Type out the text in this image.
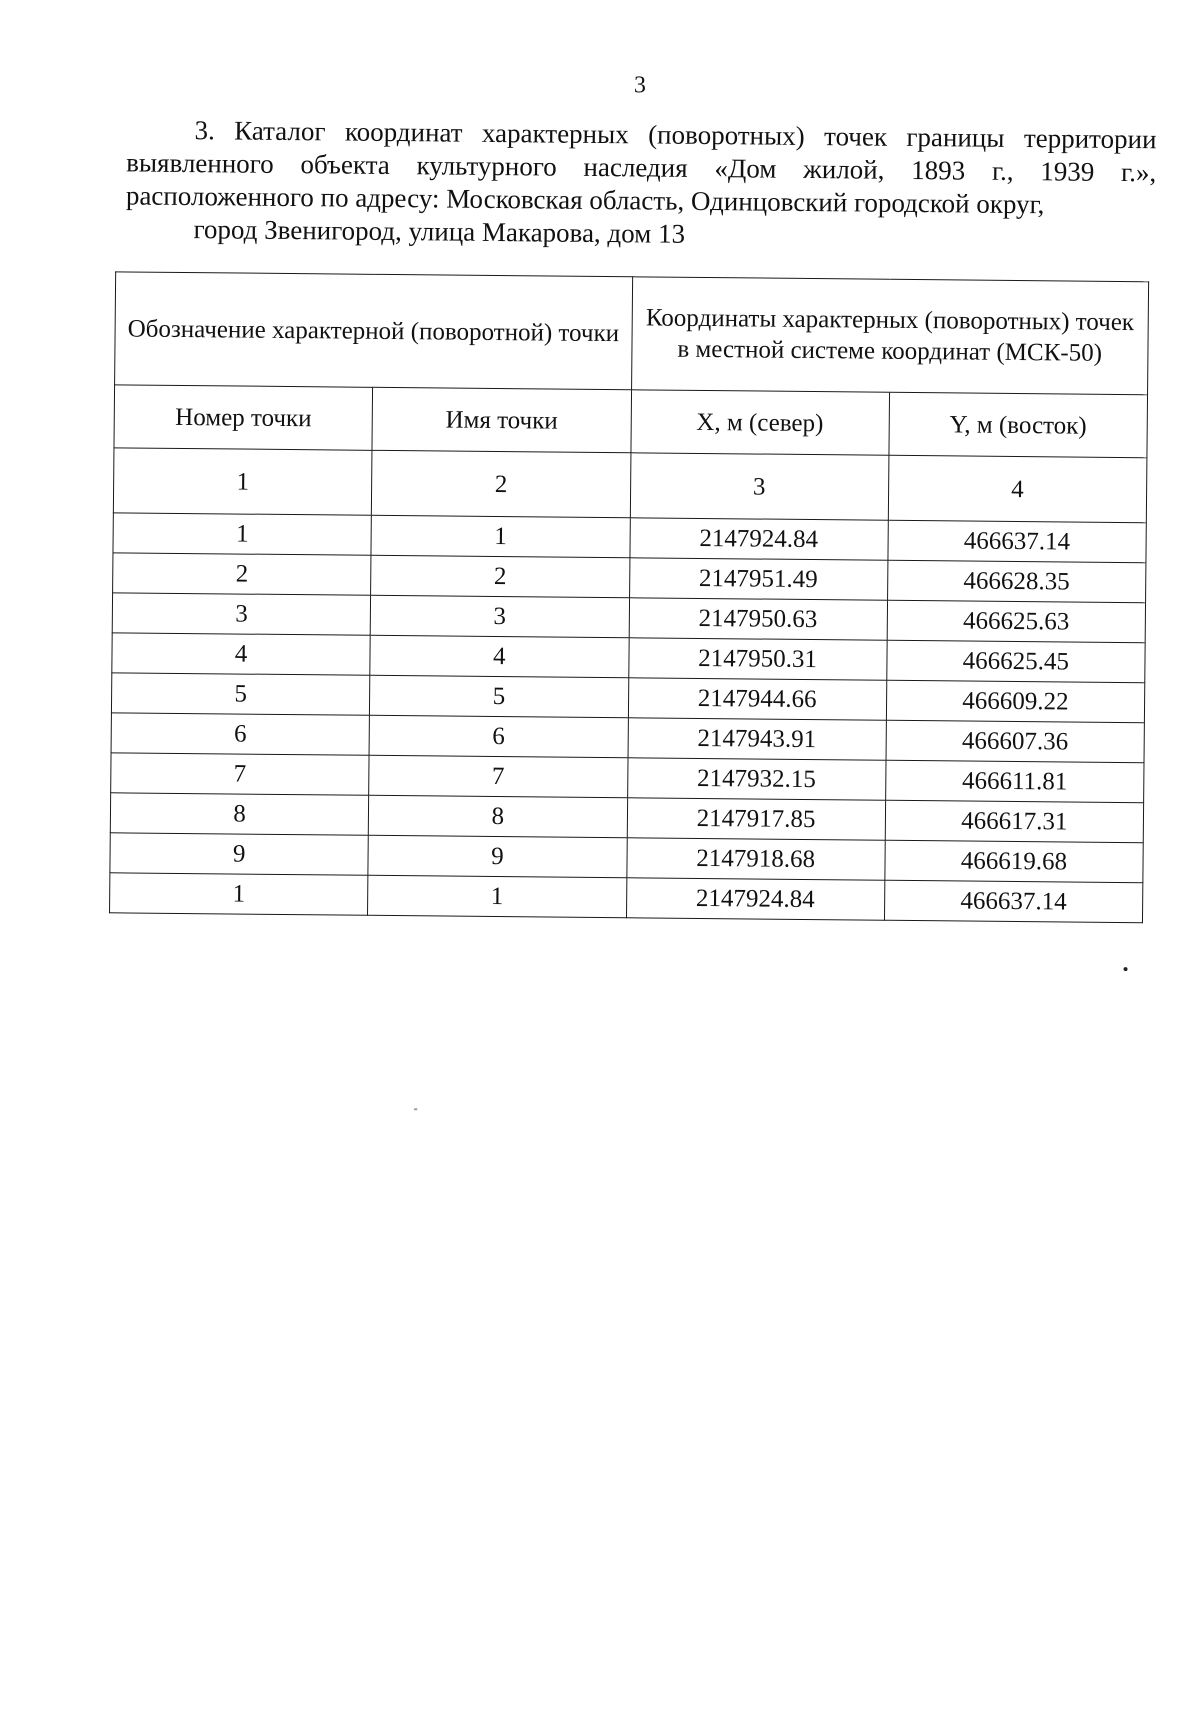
3
3. Каталог координат характерных (поворотных) точек границы территории выявленного объекта культурного наследия «Дом жилой, 1893 г., 1939 г.», расположенного по адресу: Московская область, Одинцовский городской округ,
город Звенигород, улица Макарова, дом 13
Обозначение характерной (поворотной) точки		Координаты характерных (поворотных) точек в местной системе координат (МСК-50)	
Номер точки	Имя точки	X, м (север)	Y, м (восток)
1	2	3	4
1	1	2147924.84	466637.14
2	2	2147951.49	466628.35
3	3	2147950.63	466625.63
4	4	2147950.31	466625.45
5	5	2147944.66	466609.22
6	6	2147943.91	466607.36
7	7	2147932.15	466611.81
8	8	2147917.85	466617.31
9	9	2147918.68	466619.68
1	1	2147924.84	466637.14
